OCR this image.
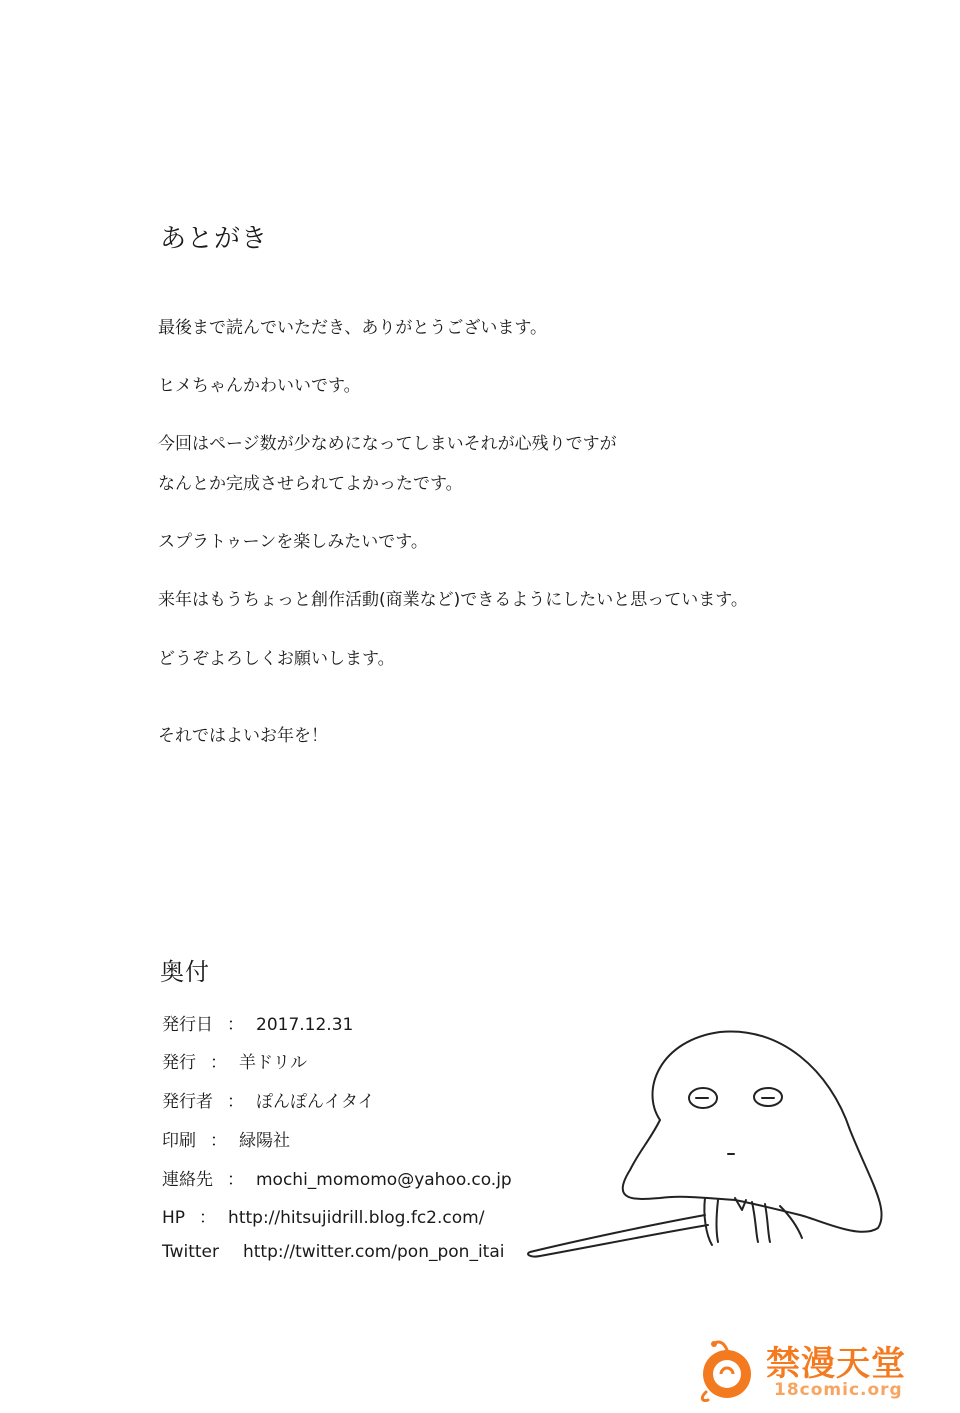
あとがき
最後まで読んでいただき、ありがとうございます。
ヒメちゃんかわいいです。
今回はページ数が少なめになってしまいそれが心残りですが
なんとか完成させられてよかったです。
スプラトゥーンを楽しみたいです。
来年はもうちょっと創作活動(商業など)できるようにしたいと思っています。
どうぞよろしくお願いします。
それではよいお年を！
奥付
発行日 ： 2017.12.31
発行 ： 羊ドリル
発行者 ： ぽんぽんイタイ
印刷 ： 緑陽社
連絡先 ： mochi_momomo@yahoo.co.jp
HP ： http://hitsujidrill.blog.fc2.com/
Twitter http://twitter.com/pon_pon_itai
禁漫天堂
18comic.org
